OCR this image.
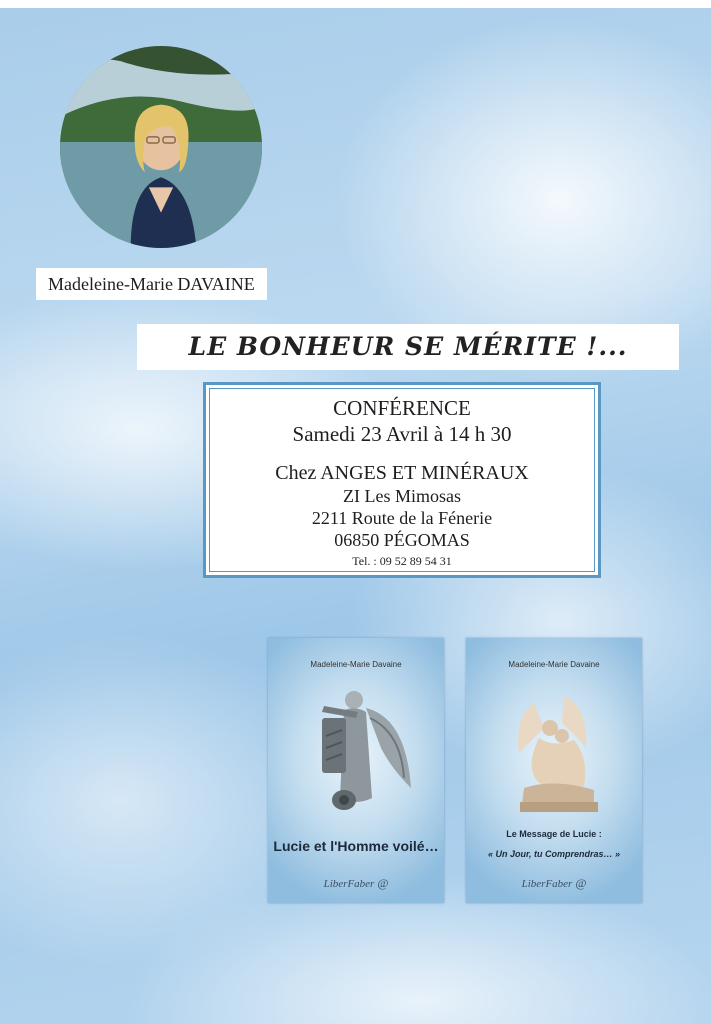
Madeleine-Marie DAVAINE
LE BONHEUR SE MÉRITE !...
CONFÉRENCE
Samedi 23 Avril à 14 h 30
Chez ANGES ET MINÉRAUX
ZI Les Mimosas
2211 Route de la Fénerie
06850 PÉGOMAS
Tel. : 09 52 89 54 31
Madeleine-Marie Davaine
Lucie et l'Homme voilé…
LiberFaber @
Madeleine-Marie Davaine
Le Message de Lucie :
« Un Jour, tu Comprendras… »
LiberFaber @
